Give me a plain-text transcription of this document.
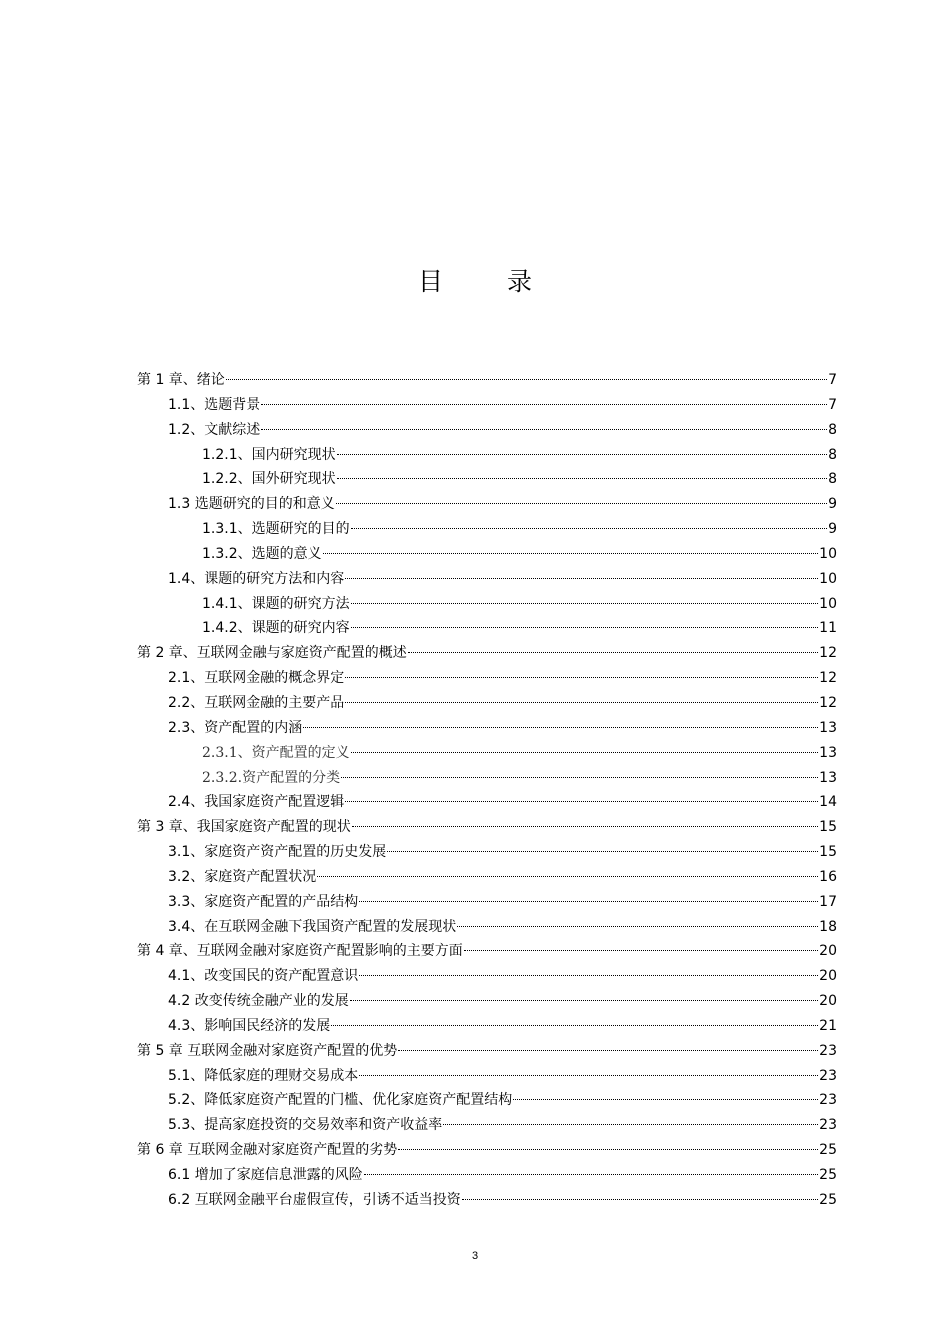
目 录
第 1 章、绪论	7
1.1、选题背景	7
1.2、文献综述	8
1.2.1、国内研究现状	8
1.2.2、国外研究现状	8
1.3 选题研究的目的和意义	9
1.3.1、选题研究的目的	9
1.3.2、选题的意义	10
1.4、课题的研究方法和内容	10
1.4.1、课题的研究方法	10
1.4.2、课题的研究内容	11
第 2 章、互联网金融与家庭资产配置的概述	12
2.1、互联网金融的概念界定	12
2.2、互联网金融的主要产品	12
2.3、资产配置的内涵	13
2.3.1、资产配置的定义	13
2.3.2.资产配置的分类	13
2.4、我国家庭资产配置逻辑	14
第 3 章、我国家庭资产配置的现状	15
3.1、家庭资产资产配置的历史发展	15
3.2、家庭资产配置状况	16
3.3、家庭资产配置的产品结构	17
3.4、在互联网金融下我国资产配置的发展现状	18
第 4 章、互联网金融对家庭资产配置影响的主要方面	20
4.1、改变国民的资产配置意识	20
4.2 改变传统金融产业的发展	20
4.3、影响国民经济的发展	21
第 5 章 互联网金融对家庭资产配置的优势	23
5.1、降低家庭的理财交易成本	23
5.2、降低家庭资产配置的门槛、优化家庭资产配置结构	23
5.3、提高家庭投资的交易效率和资产收益率	23
第 6 章 互联网金融对家庭资产配置的劣势	25
6.1 增加了家庭信息泄露的风险	25
6.2 互联网金融平台虚假宣传，引诱不适当投资	25
3
